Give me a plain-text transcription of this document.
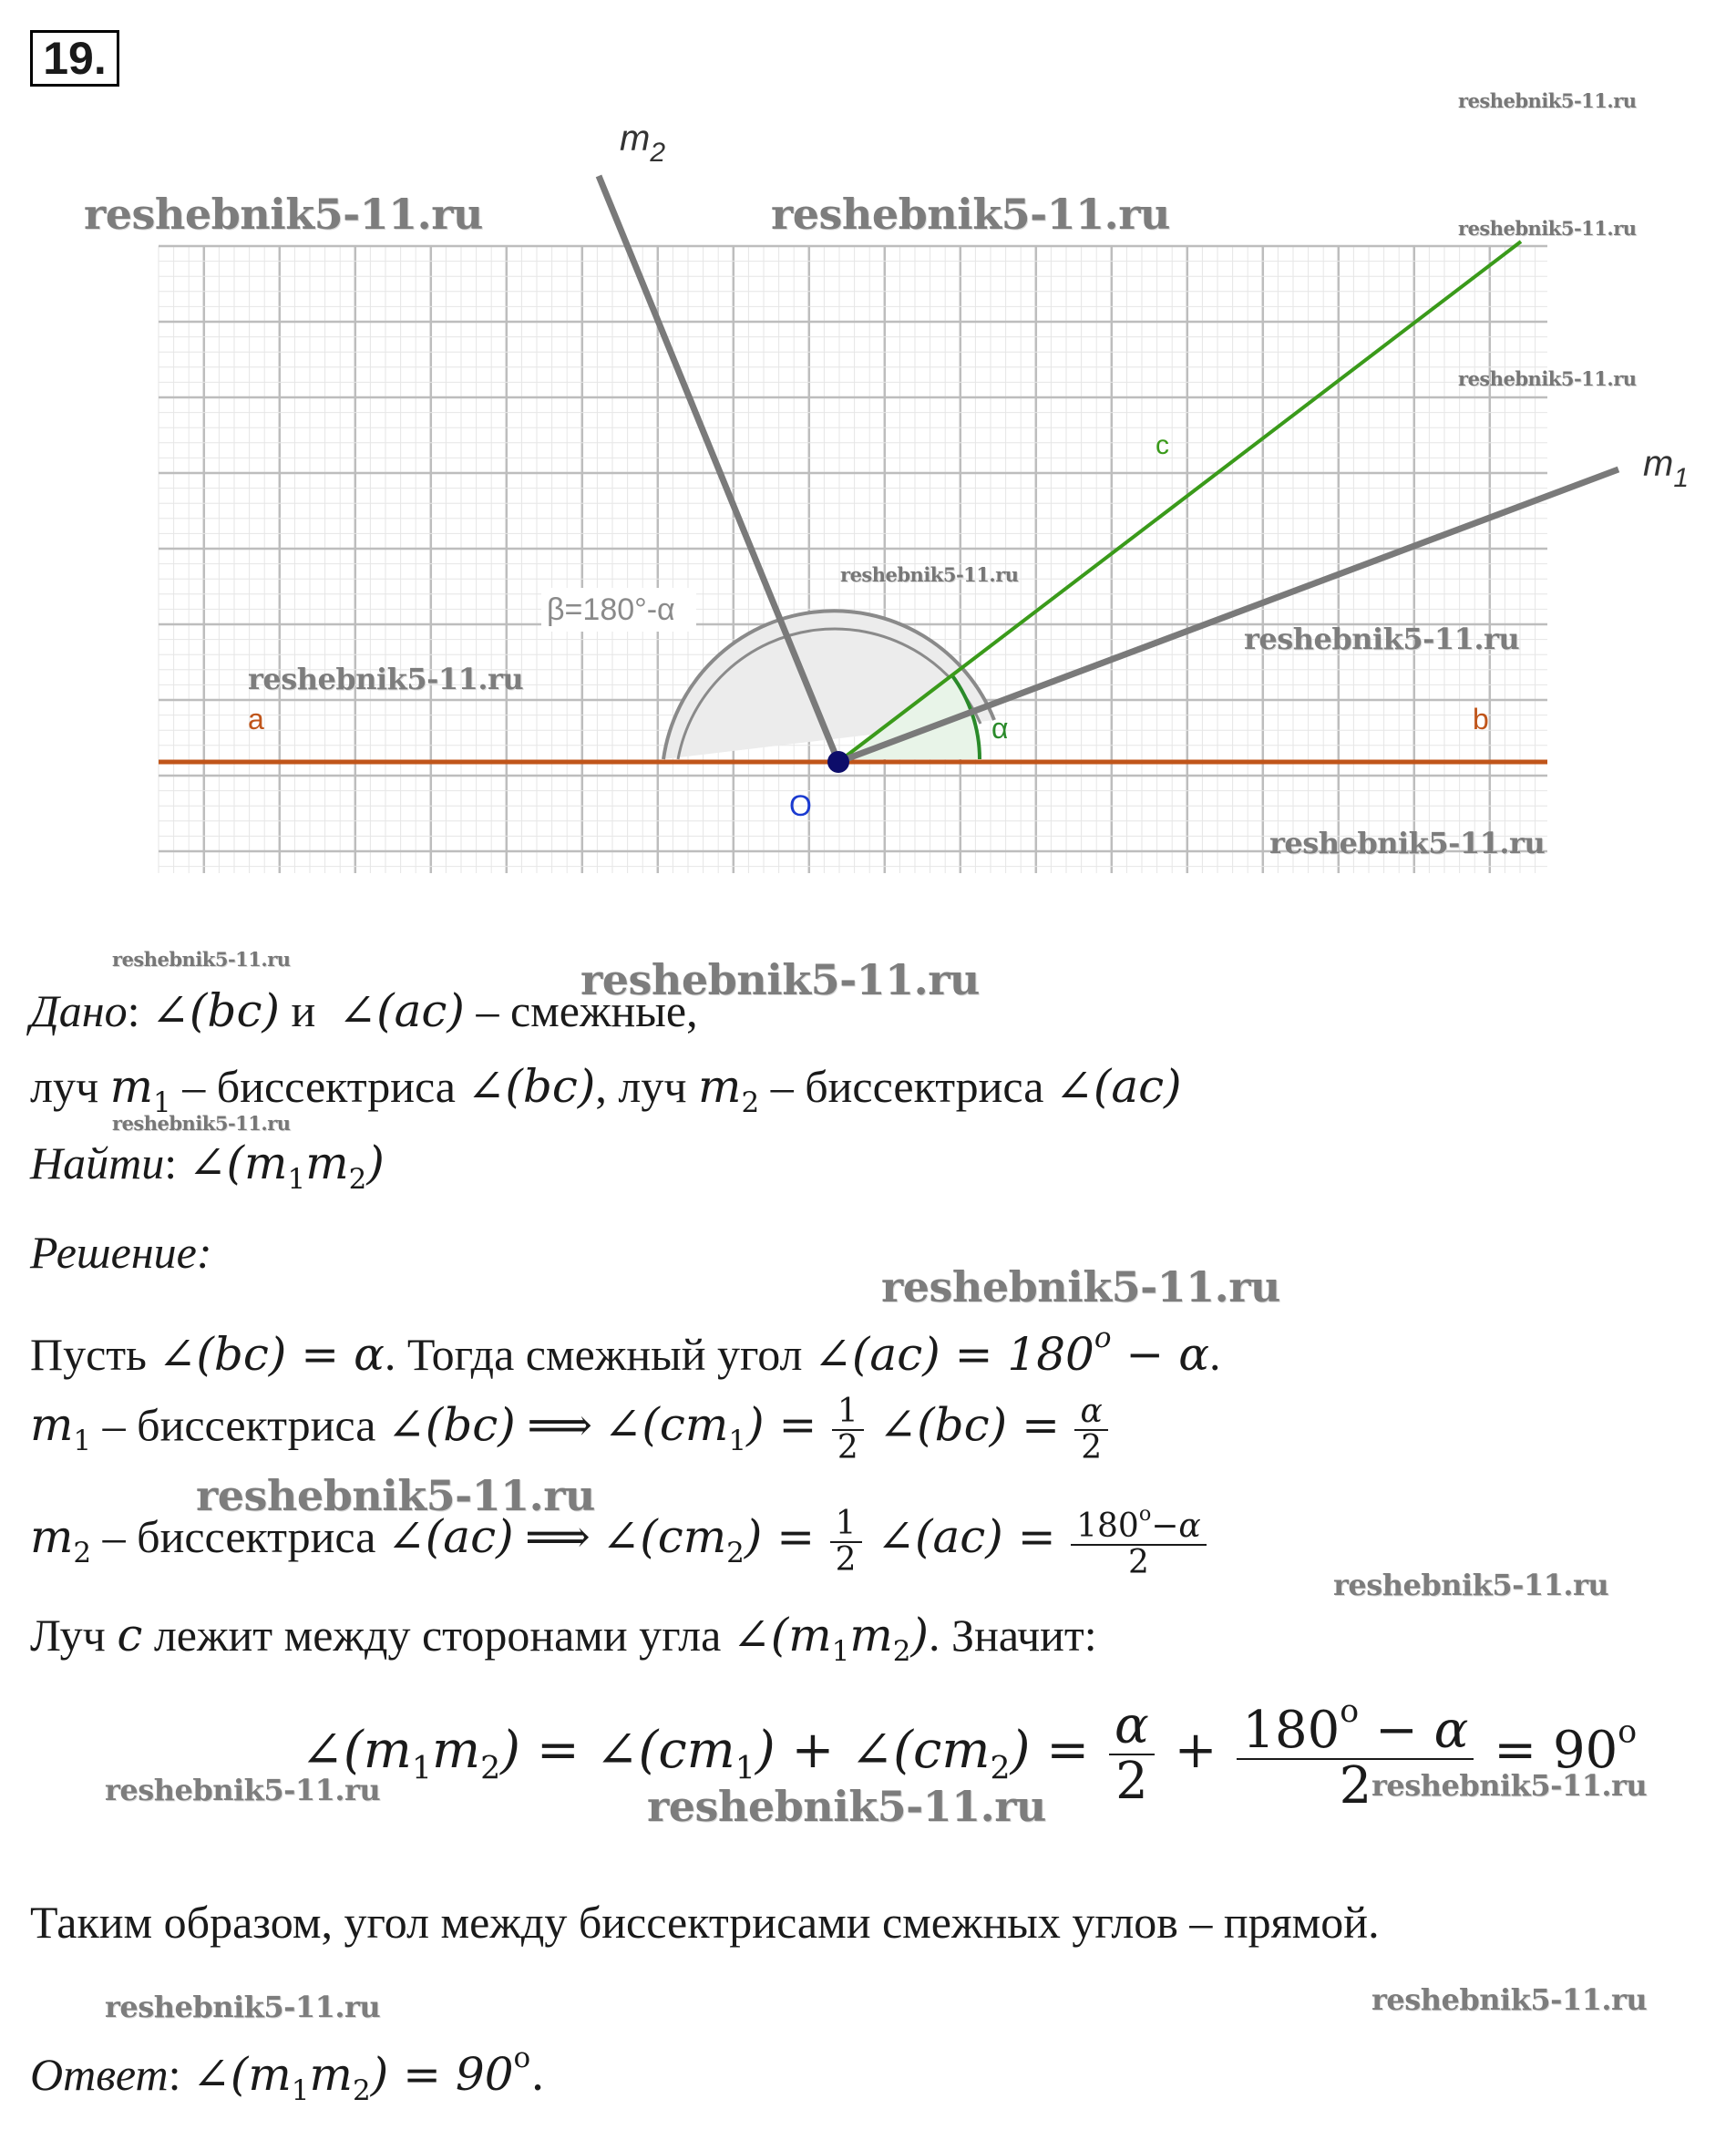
19.
$m_2$
$m_1$
c
a	b
O
α
β=180°-α
reshebnik5-11.ru
reshebnik5-11.ru	reshebnik5-11.ru	reshebnik5-11.ru
reshebnik5-11.ru
reshebnik5-11.ru
reshebnik5-11.ru
reshebnik5-11.ru
reshebnik5-11.ru
reshebnik5-11.ru	reshebnik5-11.ru
reshebnik5-11.ru
Дано: ∠(bc) и ∠(ac) – смежные,
луч $m_1$ – биссектриса ∠(bc), луч $m_2$ – биссектриса ∠(ac)
Найти: $\angle(m_1m_2)$
Решение:
reshebnik5-11.ru
Пусть ∠(bc) = α. Тогда смежный угол ∠(ac) = $180^o - \alpha$.
$m_1$ – биссектриса ∠(bc) ⟹ $\angle(cm_1) = \frac{1}{2}$ ∠(bc) = $\frac{\alpha}{2}$
reshebnik5-11.ru
$m_2$ – биссектриса ∠(ac) ⟹ $\angle(cm_2) = \frac{1}{2}$ ∠(ac) = $\frac{180^o-\alpha}{2}$
reshebnik5-11.ru
Луч c лежит между сторонами угла $\angle(m_1m_2)$. Значит:
$\angle(m_1m_2)$ = $\angle(cm_1)$ + $\angle(cm_2) = \frac{\alpha}{2} + \frac{180^o - \alpha}{2} = 90^o$
reshebnik5-11.ru	reshebnik5-11.ru	reshebnik5-11.ru
Таким образом, угол между биссектрисами смежных углов – прямой.
reshebnik5-11.ru	reshebnik5-11.ru
Ответ: $\angle(m_1m_2) = 90^o$.
